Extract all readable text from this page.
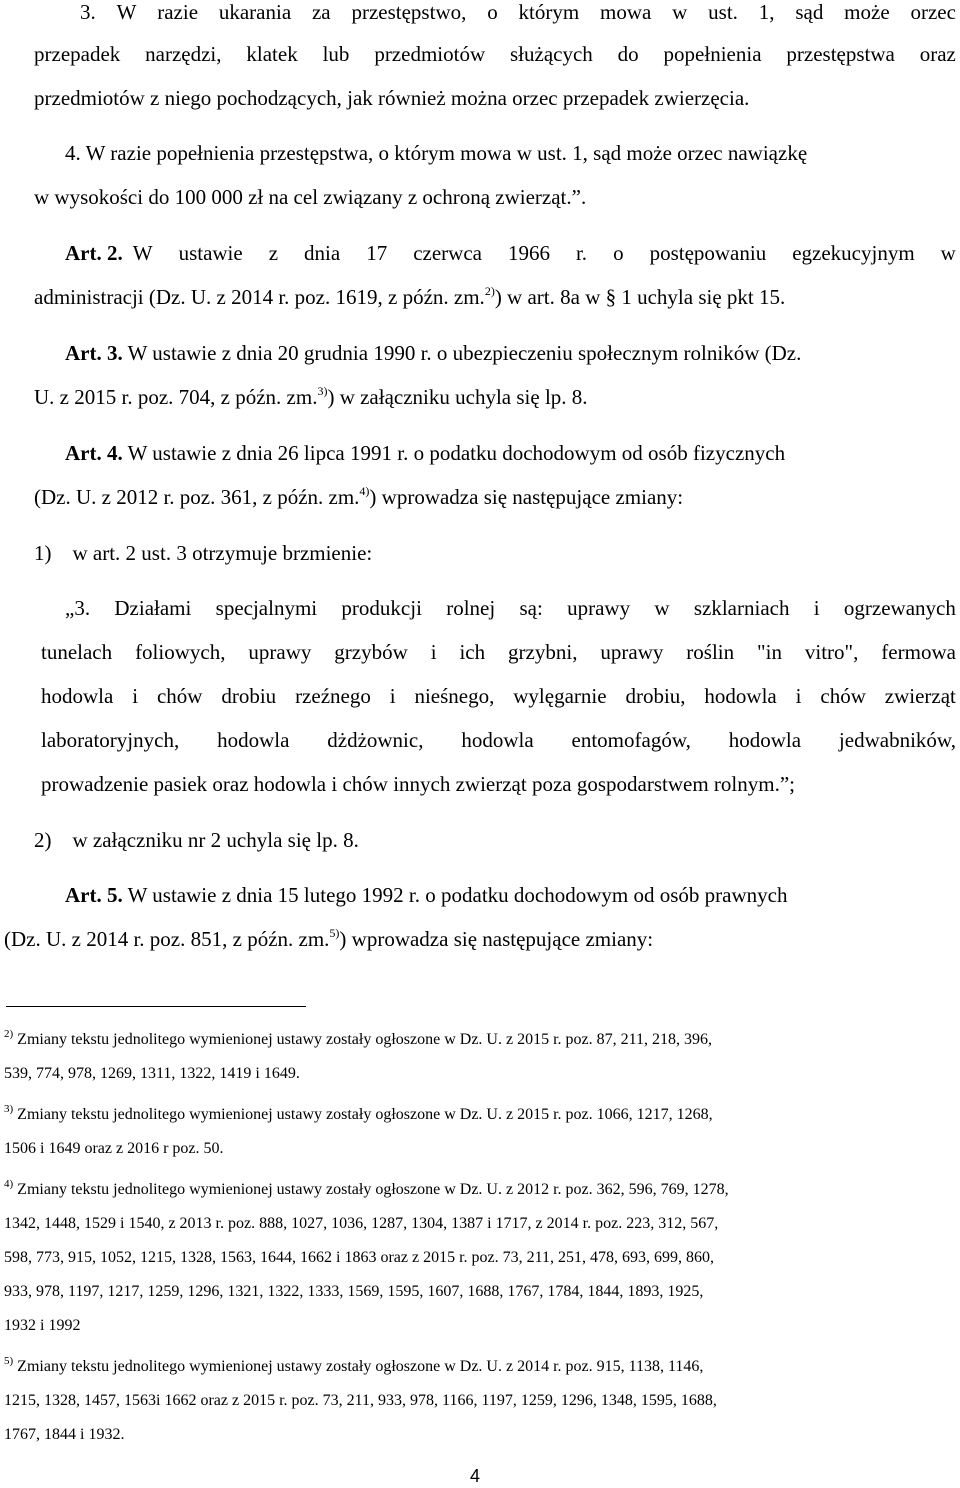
3. W razie ukarania za przestępstwo, o którym mowa w ust. 1, sąd może orzec
przepadek narzędzi, klatek lub przedmiotów służących do popełnienia przestępstwa oraz
przedmiotów z niego pochodzących, jak również można orzec przepadek zwierzęcia.
4. W razie popełnienia przestępstwa, o którym mowa w ust. 1, sąd może orzec nawiązkę
w wysokości do 100 000 zł na cel związany z ochroną zwierząt.”.
Art. 2. W ustawie z dnia 17 czerwca 1966 r. o postępowaniu egzekucyjnym w
administracji (Dz. U. z 2014 r. poz. 1619, z późn. zm.$^{2)}$) w art. 8a w § 1 uchyla się pkt 15.
Art. 3. W ustawie z dnia 20 grudnia 1990 r. o ubezpieczeniu społecznym rolników (Dz.
U. z 2015 r. poz. 704, z późn. zm.$^{3)}$) w załączniku uchyla się lp. 8.
Art. 4. W ustawie z dnia 26 lipca 1991 r. o podatku dochodowym od osób fizycznych
(Dz. U. z 2012 r. poz. 361, z późn. zm.$^{4)}$) wprowadza się następujące zmiany:
1) w art. 2 ust. 3 otrzymuje brzmienie:
„3. Działami specjalnymi produkcji rolnej są: uprawy w szklarniach i ogrzewanych
tunelach foliowych, uprawy grzybów i ich grzybni, uprawy roślin "in vitro", fermowa
hodowla i chów drobiu rzeźnego i nieśnego, wylęgarnie drobiu, hodowla i chów zwierząt
laboratoryjnych, hodowla dżdżownic, hodowla entomofagów, hodowla jedwabników,
prowadzenie pasiek oraz hodowla i chów innych zwierząt poza gospodarstwem rolnym.”;
2) w załączniku nr 2 uchyla się lp. 8.
Art. 5. W ustawie z dnia 15 lutego 1992 r. o podatku dochodowym od osób prawnych
(Dz. U. z 2014 r. poz. 851, z późn. zm.$^{5)}$) wprowadza się następujące zmiany:
$^{2)}$ Zmiany tekstu jednolitego wymienionej ustawy zostały ogłoszone w Dz. U. z 2015 r. poz. 87, 211, 218, 396,
539, 774, 978, 1269, 1311, 1322, 1419 i 1649.
$^{3)}$ Zmiany tekstu jednolitego wymienionej ustawy zostały ogłoszone w Dz. U. z 2015 r. poz. 1066, 1217, 1268,
1506 i 1649 oraz z 2016 r poz. 50.
$^{4)}$ Zmiany tekstu jednolitego wymienionej ustawy zostały ogłoszone w Dz. U. z 2012 r. poz. 362, 596, 769, 1278,
1342, 1448, 1529 i 1540, z 2013 r. poz. 888, 1027, 1036, 1287, 1304, 1387 i 1717, z 2014 r. poz. 223, 312, 567,
598, 773, 915, 1052, 1215, 1328, 1563, 1644, 1662 i 1863 oraz z 2015 r. poz. 73, 211, 251, 478, 693, 699, 860,
933, 978, 1197, 1217, 1259, 1296, 1321, 1322, 1333, 1569, 1595, 1607, 1688, 1767, 1784, 1844, 1893, 1925,
1932 i 1992
$^{5)}$ Zmiany tekstu jednolitego wymienionej ustawy zostały ogłoszone w Dz. U. z 2014 r. poz. 915, 1138, 1146,
1215, 1328, 1457, 1563i 1662 oraz z 2015 r. poz. 73, 211, 933, 978, 1166, 1197, 1259, 1296, 1348, 1595, 1688,
1767, 1844 i 1932.
4
